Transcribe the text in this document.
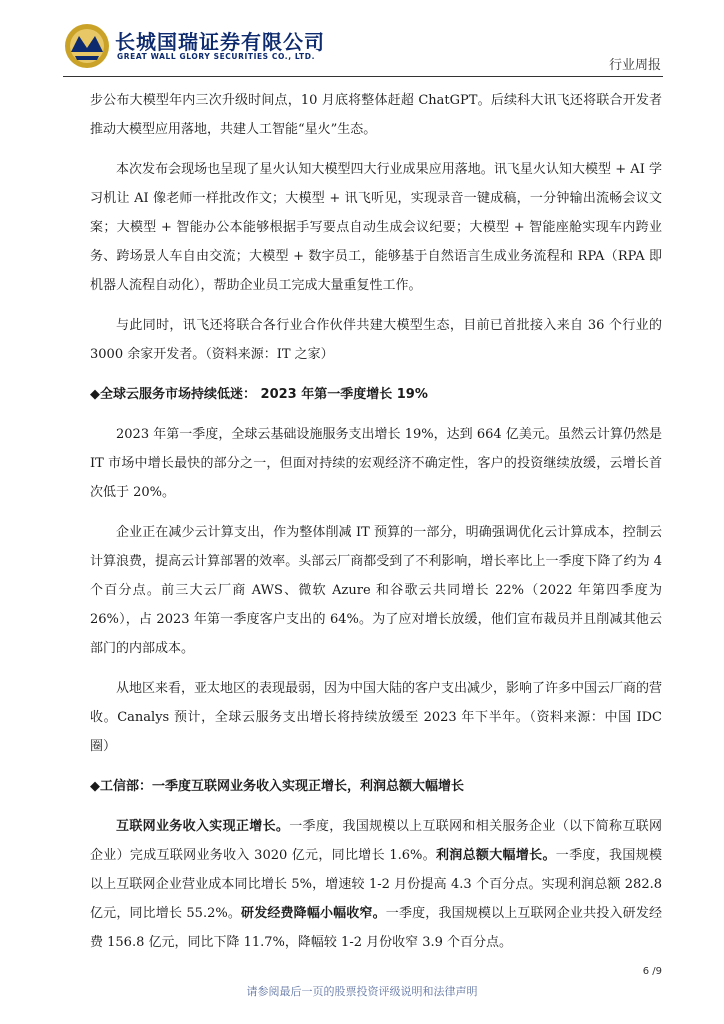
长城国瑞证券有限公司
GREAT WALL GLORY SECURITIES CO., LTD.
行业周报

步公布大模型年内三次升级时间点，10 月底将整体赶超 ChatGPT。后续科大讯飞还将联合开发者推动大模型应用落地，共建人工智能“星火”生态。

本次发布会现场也呈现了星火认知大模型四大行业成果应用落地。讯飞星火认知大模型 + AI 学习机让 AI 像老师一样批改作文；大模型 + 讯飞听见，实现录音一键成稿，一分钟输出流畅会议文案；大模型 + 智能办公本能够根据手写要点自动生成会议纪要；大模型 + 智能座舱实现车内跨业务、跨场景人车自由交流；大模型 + 数字员工，能够基于自然语言生成业务流程和 RPA（RPA 即机器人流程自动化），帮助企业员工完成大量重复性工作。

与此同时，讯飞还将联合各行业合作伙伴共建大模型生态，目前已首批接入来自 36 个行业的 3000 余家开发者。（资料来源：IT 之家）

◆全球云服务市场持续低迷： 2023 年第一季度增长 19%

2023 年第一季度，全球云基础设施服务支出增长 19%，达到 664 亿美元。虽然云计算仍然是 IT 市场中增长最快的部分之一，但面对持续的宏观经济不确定性，客户的投资继续放缓，云增长首次低于 20%。

企业正在减少云计算支出，作为整体削减 IT 预算的一部分，明确强调优化云计算成本，控制云计算浪费，提高云计算部署的效率。头部云厂商都受到了不利影响，增长率比上一季度下降了约为 4 个百分点。前三大云厂商 AWS、微软 Azure 和谷歌云共同增长 22%（2022 年第四季度为 26%），占 2023 年第一季度客户支出的 64%。为了应对增长放缓，他们宣布裁员并且削减其他云部门的内部成本。

从地区来看，亚太地区的表现最弱，因为中国大陆的客户支出减少，影响了许多中国云厂商的营收。Canalys 预计，全球云服务支出增长将持续放缓至 2023 年下半年。（资料来源：中国 IDC 圈）

◆工信部：一季度互联网业务收入实现正增长，利润总额大幅增长

互联网业务收入实现正增长。一季度，我国规模以上互联网和相关服务企业（以下简称互联网企业）完成互联网业务收入 3020 亿元，同比增长 1.6%。利润总额大幅增长。一季度，我国规模以上互联网企业营业成本同比增长 5%，增速较 1-2 月份提高 4.3 个百分点。实现利润总额 282.8 亿元，同比增长 55.2%。研发经费降幅小幅收窄。一季度，我国规模以上互联网企业共投入研发经费 156.8 亿元，同比下降 11.7%，降幅较 1-2 月份收窄 3.9 个百分点。

6 /9
请参阅最后一页的股票投资评级说明和法律声明
